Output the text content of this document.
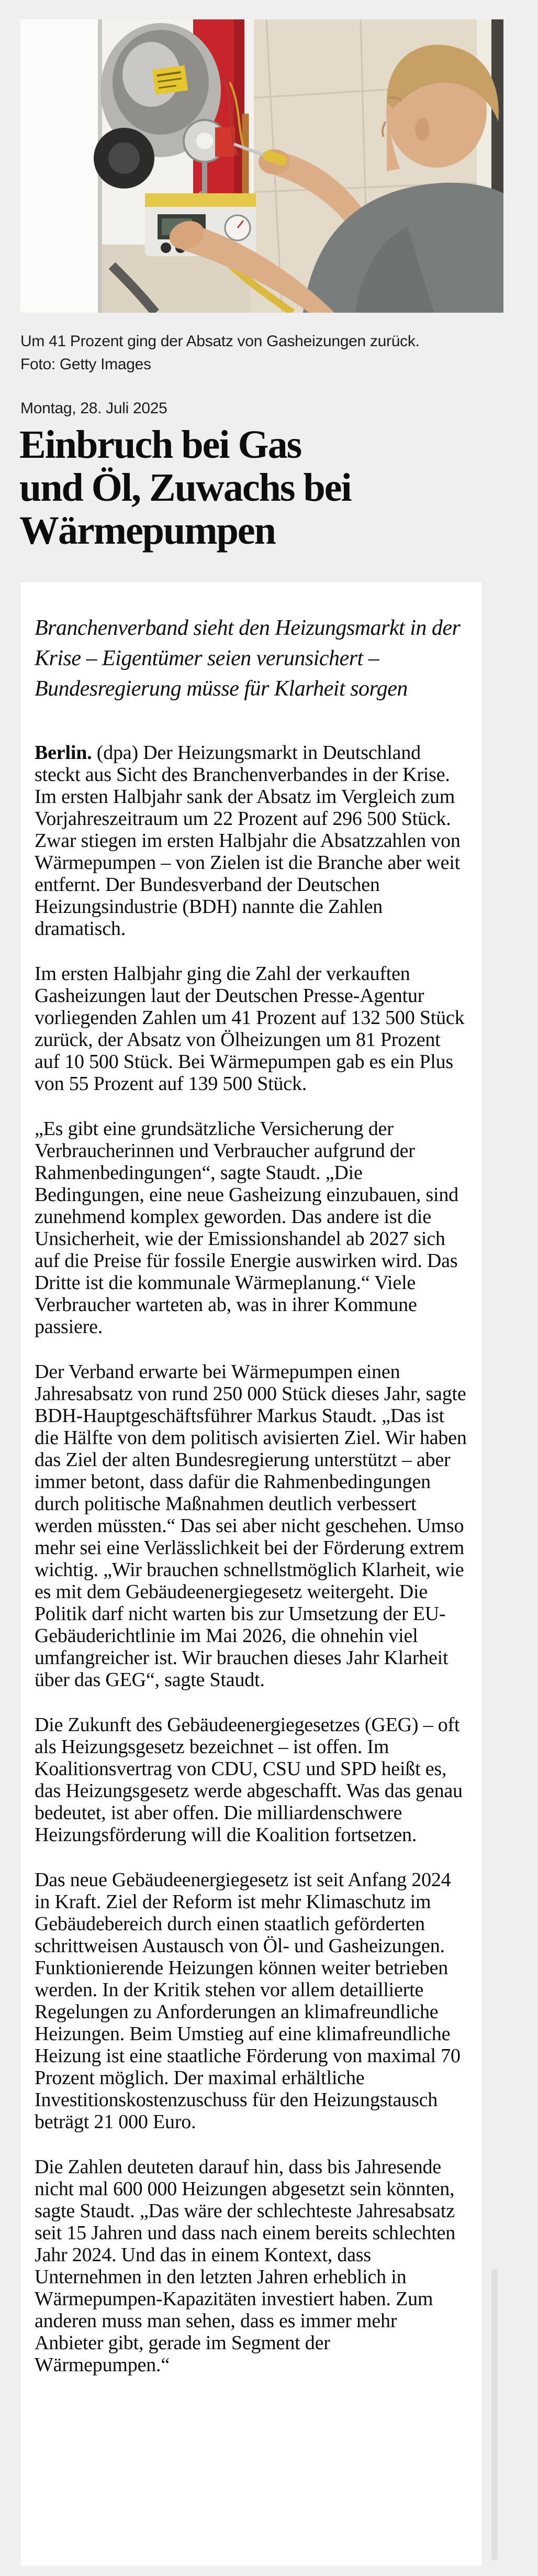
Um 41 Prozent ging der Absatz von Gasheizungen zurück.
Foto: Getty Images
Montag, 28. Juli 2025
Einbruch bei Gas
und Öl, Zuwachs bei
Wärmepumpen

Branchenverband sieht den Heizungsmarkt in der Krise – Eigentümer seien verunsichert – Bundesregierung müsse für Klarheit sorgen

Berlin. (dpa) Der Heizungsmarkt in Deutschland steckt aus Sicht des Branchenverbandes in der Krise. Im ersten Halbjahr sank der Absatz im Vergleich zum Vorjahreszeitraum um 22 Prozent auf 296 500 Stück. Zwar stiegen im ersten Halbjahr die Absatzzahlen von Wärmepumpen – von Zielen ist die Branche aber weit entfernt. Der Bundesverband der Deutschen Heizungsindustrie (BDH) nannte die Zahlen dramatisch.

Im ersten Halbjahr ging die Zahl der verkauften Gasheizungen laut der Deutschen Presse-Agentur vorliegenden Zahlen um 41 Prozent auf 132 500 Stück zurück, der Absatz von Ölheizungen um 81 Prozent auf 10 500 Stück. Bei Wärmepumpen gab es ein Plus von 55 Prozent auf 139 500 Stück.

„Es gibt eine grundsätzliche Versicherung der Verbraucherinnen und Verbraucher aufgrund der Rahmenbedingungen“, sagte Staudt. „Die Bedingungen, eine neue Gasheizung einzubauen, sind zunehmend komplex geworden. Das andere ist die Unsicherheit, wie der Emissionshandel ab 2027 sich auf die Preise für fossile Energie auswirken wird. Das Dritte ist die kommunale Wärmeplanung.“ Viele Verbraucher warteten ab, was in ihrer Kommune passiere.

Der Verband erwarte bei Wärmepumpen einen Jahresabsatz von rund 250 000 Stück dieses Jahr, sagte BDH-Hauptgeschäftsführer Markus Staudt. „Das ist die Hälfte von dem politisch avisierten Ziel. Wir haben das Ziel der alten Bundesregierung unterstützt – aber immer betont, dass dafür die Rahmenbedingungen durch politische Maßnahmen deutlich verbessert werden müssten.“ Das sei aber nicht geschehen. Umso mehr sei eine Verlässlichkeit bei der Förderung extrem wichtig. „Wir brauchen schnellstmöglich Klarheit, wie es mit dem Gebäudeenergiegesetz weitergeht. Die Politik darf nicht warten bis zur Umsetzung der EU-Gebäuderichtlinie im Mai 2026, die ohnehin viel umfangreicher ist. Wir brauchen dieses Jahr Klarheit über das GEG“, sagte Staudt.

Die Zukunft des Gebäudeenergiegesetzes (GEG) – oft als Heizungsgesetz bezeichnet – ist offen. Im Koalitionsvertrag von CDU, CSU und SPD heißt es, das Heizungsgesetz werde abgeschafft. Was das genau bedeutet, ist aber offen. Die milliardenschwere Heizungsförderung will die Koalition fortsetzen.

Das neue Gebäudeenergiegesetz ist seit Anfang 2024 in Kraft. Ziel der Reform ist mehr Klimaschutz im Gebäudebereich durch einen staatlich geförderten schrittweisen Austausch von Öl- und Gasheizungen. Funktionierende Heizungen können weiter betrieben werden. In der Kritik stehen vor allem detaillierte Regelungen zu Anforderungen an klimafreundliche Heizungen. Beim Umstieg auf eine klimafreundliche Heizung ist eine staatliche Förderung von maximal 70 Prozent möglich. Der maximal erhältliche Investitionskostenzuschuss für den Heizungstausch beträgt 21 000 Euro.

Die Zahlen deuteten darauf hin, dass bis Jahresende nicht mal 600 000 Heizungen abgesetzt sein könnten, sagte Staudt. „Das wäre der schlechteste Jahresabsatz seit 15 Jahren und dass nach einem bereits schlechten Jahr 2024. Und das in einem Kontext, dass Unternehmen in den letzten Jahren erheblich in Wärmepumpen-Kapazitäten investiert haben. Zum anderen muss man sehen, dass es immer mehr Anbieter gibt, gerade im Segment der Wärmepumpen.“
